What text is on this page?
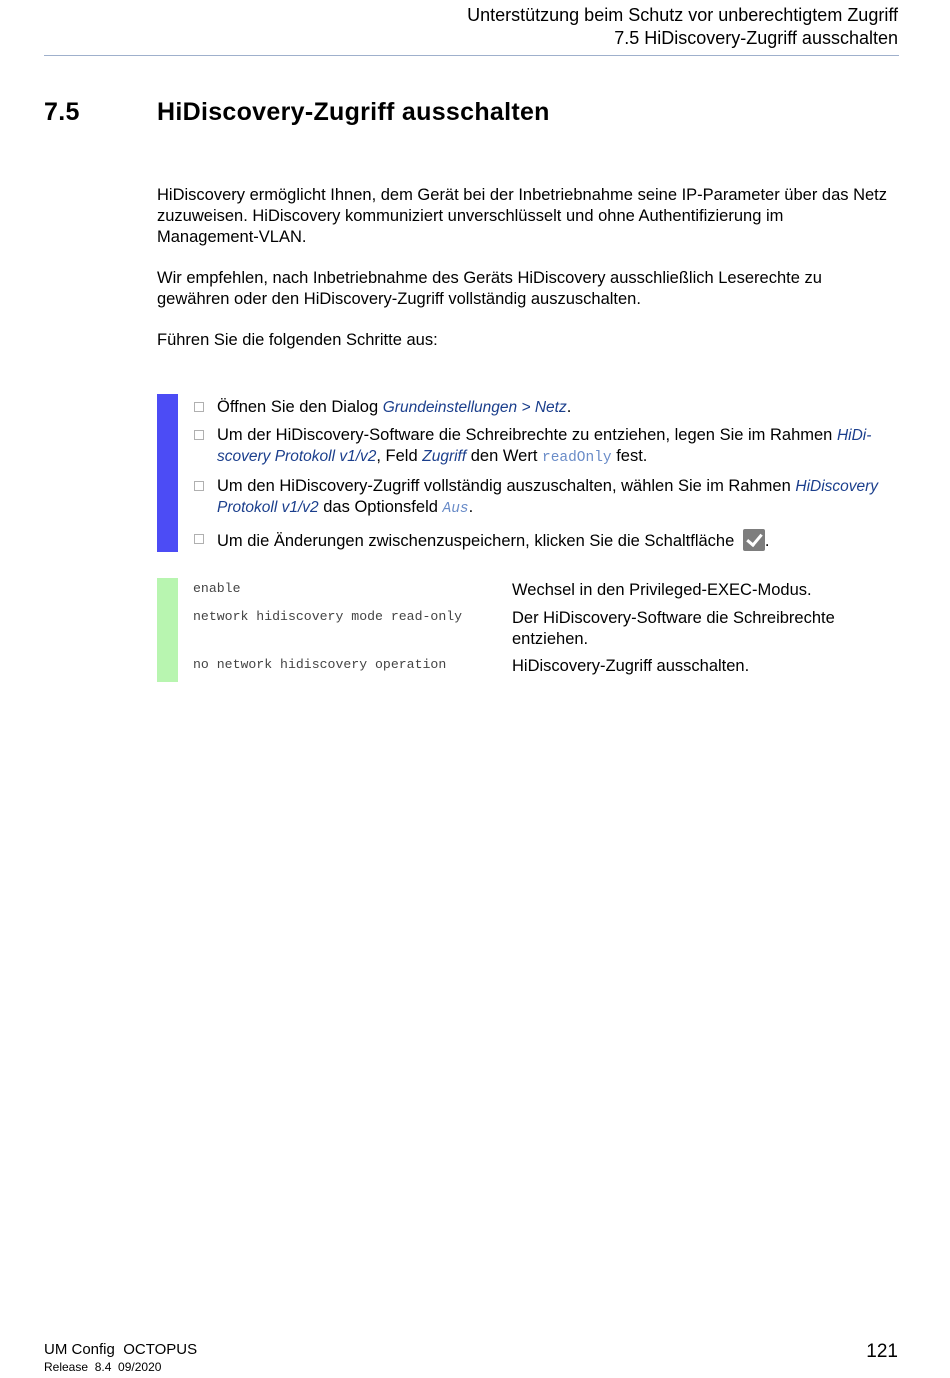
Unterstützung beim Schutz vor unberechtigtem Zugriff
7.5 HiDiscovery-Zugriff ausschalten
7.5	HiDiscovery-Zugriff ausschalten

HiDiscovery ermöglicht Ihnen, dem Gerät bei der Inbetriebnahme seine IP-Parameter über das Netz zuzuweisen. HiDiscovery kommuniziert unverschlüsselt und ohne Authentifizierung im Management-VLAN.

Wir empfehlen, nach Inbetriebnahme des Geräts HiDiscovery ausschließlich Leserechte zu gewähren oder den HiDiscovery-Zugriff vollständig auszuschalten.

Führen Sie die folgenden Schritte aus:

Öffnen Sie den Dialog Grundeinstellungen > Netz.
Um der HiDiscovery-Software die Schreibrechte zu entziehen, legen Sie im Rahmen HiDi-scovery Protokoll v1/v2, Feld Zugriff den Wert readOnly fest.
Um den HiDiscovery-Zugriff vollständig auszuschalten, wählen Sie im Rahmen HiDiscovery Protokoll v1/v2 das Optionsfeld Aus.
Um die Änderungen zwischenzuspeichern, klicken Sie die Schaltfläche .
enable	Wechsel in den Privileged-EXEC-Modus.
network hidiscovery mode read-only	Der HiDiscovery-Software die Schreibrechte entziehen.
no network hidiscovery operation	HiDiscovery-Zugriff ausschalten.
UM Config  OCTOPUS
Release  8.4  09/2020
121
